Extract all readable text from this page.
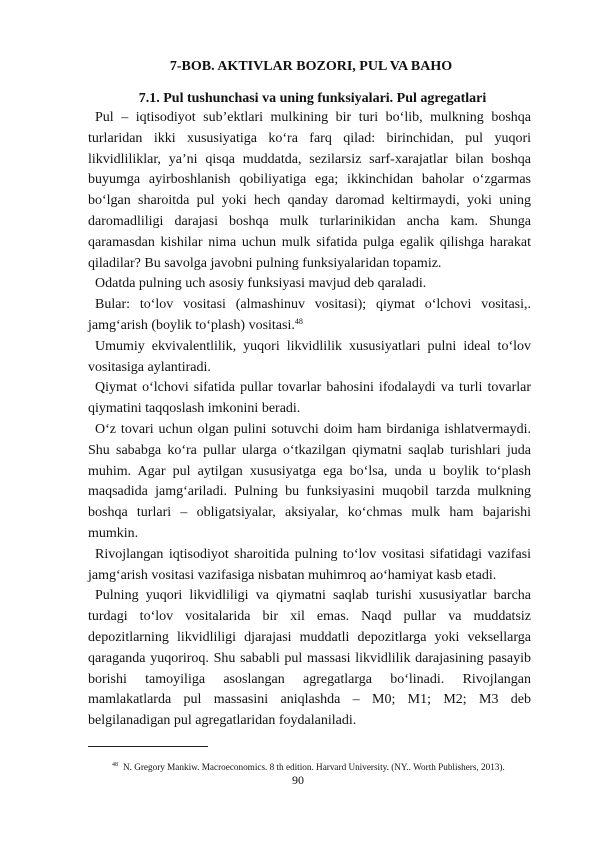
7-BOB. AKTIVLAR BOZORI, PUL VA BAHO
7.1. Pul tushunchasi va uning funksiyalari. Pul agregatlari

Pul – iqtisodiyot sub’ektlari mulkining bir turi bo‘lib, mulkning boshqa turlaridan ikki xususiyatiga ko‘ra farq qilad: birinchidan, pul yuqori likvidliliklar, ya’ni qisqa muddatda, sezilarsiz sarf-xarajatlar bilan boshqa buyumga ayirboshlanish qobiliyatiga ega; ikkinchidan baholar o‘zgarmas bo‘lgan sharoitda pul yoki hech qanday daromad keltirmaydi, yoki uning daromadliligi darajasi boshqa mulk turlarinikidan ancha kam. Shunga qaramasdan kishilar nima uchun mulk sifatida pulga egalik qilishga harakat qiladilar? Bu savolga javobni pulning funksiyalaridan topamiz.

Odatda pulning uch asosiy funksiyasi mavjud deb qaraladi.

Bular: to‘lov vositasi (almashinuv vositasi); qiymat o‘lchovi vositasi,. jamg‘arish (boylik to‘plash) vositasi.$^{48}$

Umumiy ekvivalentlilik, yuqori likvidlilik xususiyatlari pulni ideal to‘lov vositasiga aylantiradi.

Qiymat o‘lchovi sifatida pullar tovarlar bahosini ifodalaydi va turli tovarlar qiymatini taqqoslash imkonini beradi.

O‘z tovari uchun olgan pulini sotuvchi doim ham birdaniga ishlatvermaydi. Shu sababga ko‘ra pullar ularga o‘tkazilgan qiymatni saqlab turishlari juda muhim. Agar pul aytilgan xususiyatga ega bo‘lsa, unda u boylik to‘plash maqsadida jamg‘ariladi. Pulning bu funksiyasini muqobil tarzda mulkning boshqa turlari – obligatsiyalar, aksiyalar, ko‘chmas mulk ham bajarishi mumkin.

Rivojlangan iqtisodiyot sharoitida pulning to‘lov vositasi sifatidagi vazifasi jamg‘arish vositasi vazifasiga nisbatan muhimroq ao‘hamiyat kasb etadi.

Pulning yuqori likvidliligi va qiymatni saqlab turishi xususiyatlar barcha turdagi to‘lov vositalarida bir xil emas. Naqd pullar va muddatsiz depozitlarning likvidliligi djarajasi muddatli depozitlarga yoki veksellarga qaraganda yuqoriroq. Shu sababli pul massasi likvidlilik darajasining pasayib borishi tamoyiliga asoslangan agregatlarga bo‘linadi. Rivojlangan mamlakatlarda pul massasini aniqlashda – M0; M1; M2; M3 deb belgilanadigan pul agregatlaridan foydalaniladi.

$^{48}$ N. Gregory Mankiw. Macroeconomics. 8 th edition. Harvard University. (NY.. Worth Publishers, 2013).
90
